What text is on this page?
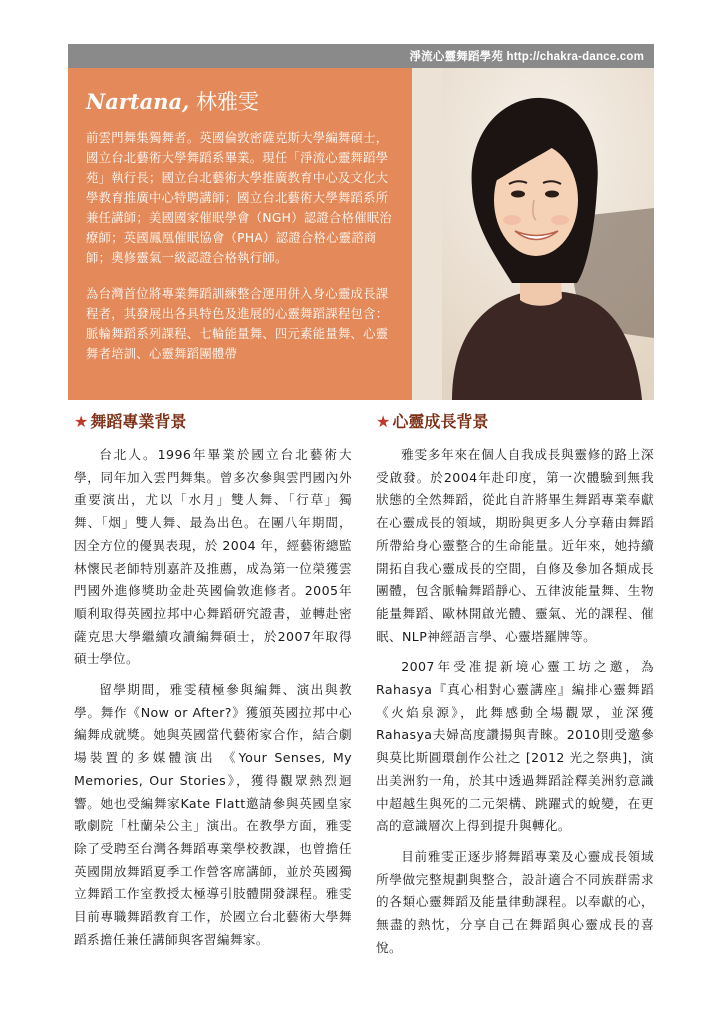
淨流心靈舞蹈學苑 http://chakra-dance.com
Nartana, 林雅雯

前雲門舞集獨舞者。英國倫敦密薩克斯大學編舞碩士，國立台北藝術大學舞蹈系畢業。現任「淨流心靈舞蹈學苑」執行長；國立台北藝術大學推廣教育中心及文化大學教育推廣中心特聘講師；國立台北藝術大學舞蹈系所兼任講師；美國國家催眠學會（NGH）認證合格催眠治療師；英國鳳凰催眠協會（PHA）認證合格心靈諮商師；奧修靈氣一級認證合格執行師。

為台灣首位將專業舞蹈訓練整合運用併入身心靈成長課程者，其發展出各具特色及進展的心靈舞蹈課程包含：脈輪舞蹈系列課程、七輪能量舞、四元素能量舞、心靈舞者培訓、心靈舞蹈團體帶

★ 舞蹈專業背景

台北人。1996年畢業於國立台北藝術大學，同年加入雲門舞集。曾多次參與雲門國內外重要演出，尤以「水月」雙人舞、「行草」獨舞、「烟」雙人舞、最為出色。在團八年期間，因全方位的優異表現，於 2004 年，經藝術總監林懷民老師特別嘉許及推薦，成為第一位榮獲雲門國外進修獎助金赴英國倫敦進修者。2005年順利取得英國拉邦中心舞蹈研究證書，並轉赴密薩克思大學繼續攻讀編舞碩士，於2007年取得碩士學位。

留學期間，雅雯積極參與編舞、演出與教學。舞作《Now or After?》獲頒英國拉邦中心編舞成就獎。她與英國當代藝術家合作，結合劇場裝置的多媒體演出 《Your Senses, My Memories, Our Stories》，獲得觀眾熱烈迴響。她也受編舞家Kate Flatt邀請參與英國皇家歌劇院「杜蘭朵公主」演出。在教學方面，雅雯除了受聘至台灣各舞蹈專業學校教課，也曾擔任英國開放舞蹈夏季工作營客席講師，並於英國獨立舞蹈工作室教授太極導引肢體開發課程。雅雯目前專職舞蹈教育工作，於國立台北藝術大學舞蹈系擔任兼任講師與客習編舞家。

★ 心靈成長背景

雅雯多年來在個人自我成長與靈修的路上深受啟發。於2004年赴印度，第一次體驗到無我狀態的全然舞蹈，從此自許將畢生舞蹈專業奉獻在心靈成長的領域，期盼與更多人分享藉由舞蹈所帶給身心靈整合的生命能量。近年來，她持續開拓自我心靈成長的空間，自修及參加各類成長團體，包含脈輪舞蹈靜心、五律波能量舞、生物能量舞蹈、歐林開啟光體、靈氣、光的課程、催眠、NLP神經語言學、心靈塔羅牌等。

2007年受准提新境心靈工坊之邀，為Rahasya『真心相對心靈講座』編排心靈舞蹈《火焰泉源》，此舞感動全場觀眾，並深獲Rahasya夫婦高度讚揚與青睞。2010則受邀參與莫比斯圓環創作公社之 [2012 光之祭典]，演出美洲豹一角，於其中透過舞蹈詮釋美洲豹意識中超越生與死的二元架構、跳躍式的蛻變，在更高的意識層次上得到提升與轉化。

目前雅雯正逐步將舞蹈專業及心靈成長領域所學做完整規劃與整合，設計適合不同族群需求的各類心靈舞蹈及能量律動課程。以奉獻的心，無盡的熱忱，分享自己在舞蹈與心靈成長的喜悅。
